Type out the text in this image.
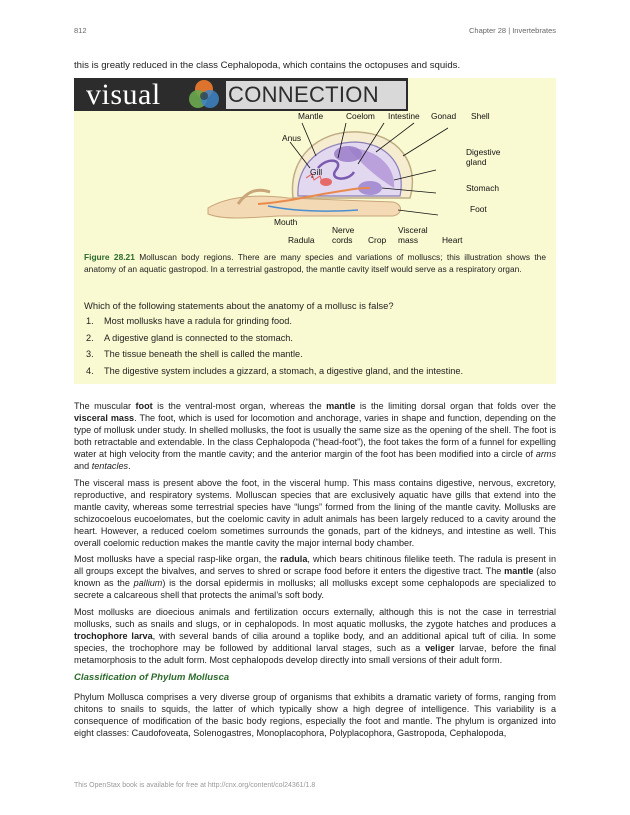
812	Chapter 28 | Invertebrates
this is greatly reduced in the class Cephalopoda, which contains the octopuses and squids.
visual	CONNECTION
Mantle	Coelom Intestine Gonad Shell
Anus
Digestive
gland
Gill
Stomach
Foot
Mouth
Radula
Nerve
cords Crop
Visceral
mass	Heart
Figure 28.21 Molluscan body regions. There are many species and variations of molluscs; this illustration shows the anatomy of an aquatic gastropod. In a terrestrial gastropod, the mantle cavity itself would serve as a respiratory organ.
Which of the following statements about the anatomy of a mollusc is false?
1.	Most mollusks have a radula for grinding food.
2.	A digestive gland is connected to the stomach.
3.	The tissue beneath the shell is called the mantle.
4.	The digestive system includes a gizzard, a stomach, a digestive gland, and the intestine.

The muscular foot is the ventral-most organ, whereas the mantle is the limiting dorsal organ that folds over the visceral mass. The foot, which is used for locomotion and anchorage, varies in shape and function, depending on the type of mollusk under study. In shelled mollusks, the foot is usually the same size as the opening of the shell. The foot is both retractable and extendable. In the class Cephalopoda (“head-foot”), the foot takes the form of a funnel for expelling water at high velocity from the mantle cavity; and the anterior margin of the foot has been modified into a circle of arms and tentacles.

The visceral mass is present above the foot, in the visceral hump. This mass contains digestive, nervous, excretory, reproductive, and respiratory systems. Molluscan species that are exclusively aquatic have gills that extend into the mantle cavity, whereas some terrestrial species have “lungs” formed from the lining of the mantle cavity. Mollusks are schizocoelous eucoelomates, but the coelomic cavity in adult animals has been largely reduced to a cavity around the heart. However, a reduced coelom sometimes surrounds the gonads, part of the kidneys, and intestine as well. This overall coelomic reduction makes the mantle cavity the major internal body chamber.

Most mollusks have a special rasp-like organ, the radula, which bears chitinous filelike teeth. The radula is present in all groups except the bivalves, and serves to shred or scrape food before it enters the digestive tract. The mantle (also known as the pallium) is the dorsal epidermis in mollusks; all mollusks except some cephalopods are specialized to secrete a calcareous shell that protects the animal’s soft body.

Most mollusks are dioecious animals and fertilization occurs externally, although this is not the case in terrestrial mollusks, such as snails and slugs, or in cephalopods. In most aquatic mollusks, the zygote hatches and produces a trochophore larva, with several bands of cilia around a toplike body, and an additional apical tuft of cilia. In some species, the trochophore may be followed by additional larval stages, such as a veliger larvae, before the final metamorphosis to the adult form. Most cephalopods develop directly into small versions of their adult form.

Classification of Phylum Mollusca

Phylum Mollusca comprises a very diverse group of organisms that exhibits a dramatic variety of forms, ranging from chitons to snails to squids, the latter of which typically show a high degree of intelligence. This variability is a consequence of modification of the basic body regions, especially the foot and mantle. The phylum is organized into eight classes: Caudofoveata, Solenogastres, Monoplacophora, Polyplacophora, Gastropoda, Cephalopoda,

This OpenStax book is available for free at http://cnx.org/content/col24361/1.8
